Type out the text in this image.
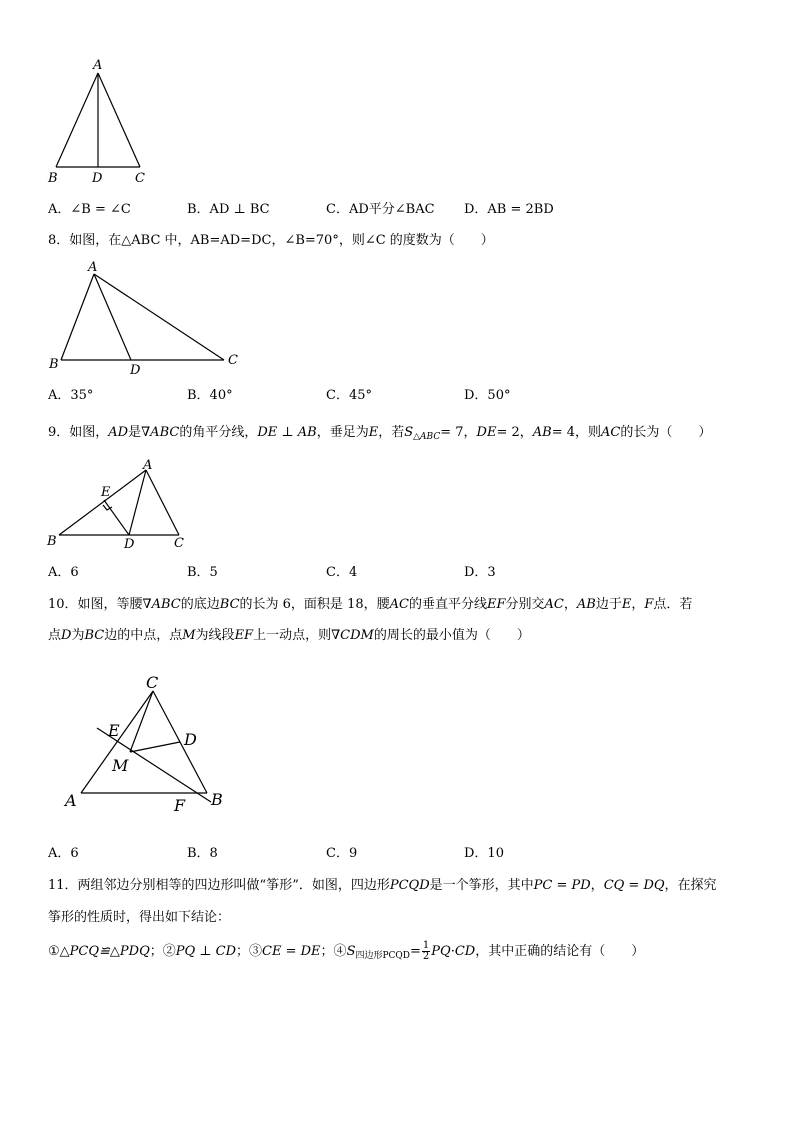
A
B	D	C
A．∠B = ∠C	B．AD ⊥ BC	C．AD平分∠BAC D．AB = 2BD
8．如图，在△ABC 中，AB=AD=DC，∠B=70°，则∠C 的度数为（　　）
A
B	D
C
A．35°	B．40°	C．45°	D．50°
9．如图，AD是∇ABC的角平分线，DE ⊥ AB，垂足为E，若$S_{\triangle ABC}= 7$，DE= 2，AB= 4，则AC的长为（　　）
A
E
B	D	C
A．6	B．5	C．4	D．3
10．如图，等腰∇ABC的底边BC的长为 6，面积是 18，腰AC的垂直平分线EF分别交AC，AB边于E，F点．若
点D为BC边的中点，点M为线段EF上一动点，则∇CDM的周长的最小值为（　　）
C
E	D
M
A	F B
A．6	B．8	C．9	D．10
11．两组邻边分别相等的四边形叫做“筝形”．如图，四边形PCQD是一个筝形，其中PC = PD，CQ = DQ，在探究
筝形的性质时，得出如下结论：
①△PCQ≌△PDQ；②PQ ⊥ CD；③CE = DE；$④S_{四边形PCQD}= \frac{1}{2} PQ\cdot CD$，其中正确的结论有（　　）
